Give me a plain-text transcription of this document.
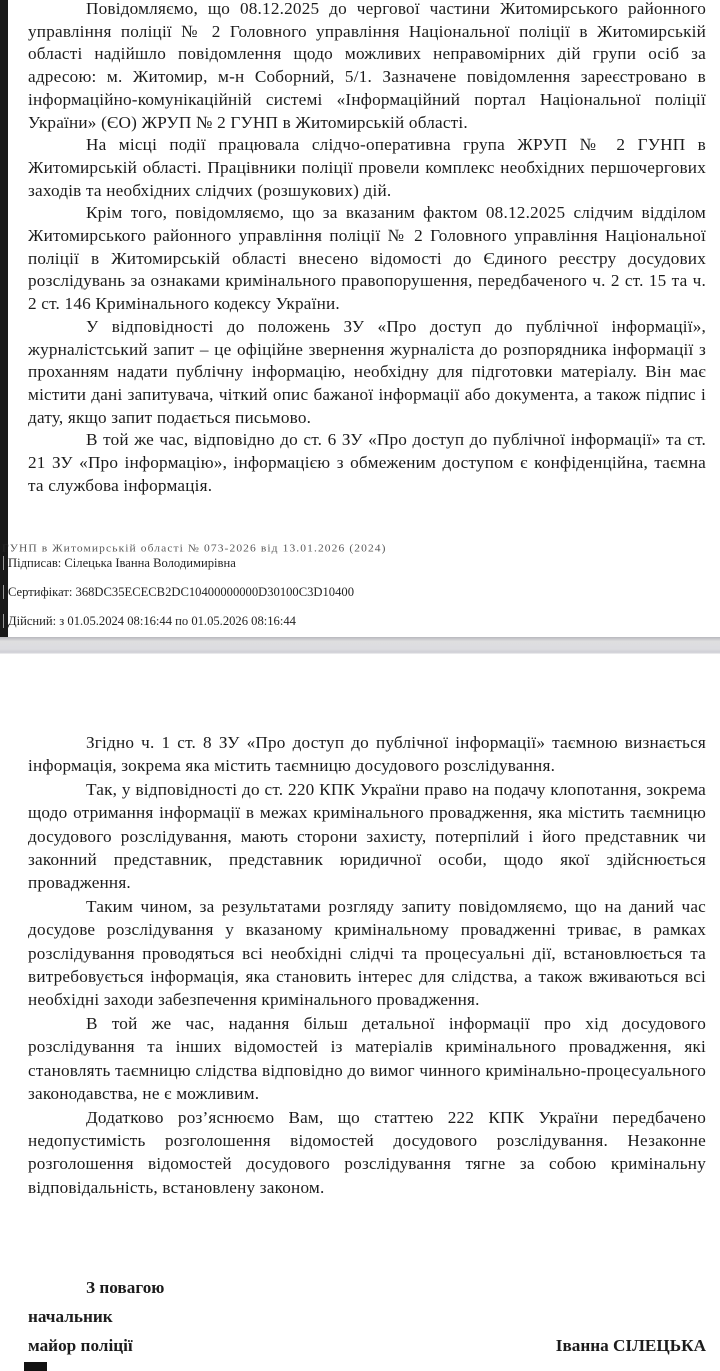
Повідомляємо, що 08.12.2025 до чергової частини Житомирського районного управління поліції № 2 Головного управління Національної поліції в Житомирській області надійшло повідомлення щодо можливих неправомірних дій групи осіб за адресою: м. Житомир, м-н Соборний, 5/1. Зазначене повідомлення зареєстровано в інформаційно-комунікаційній системі «Інформаційний портал Національної поліції України» (ЄО) ЖРУП № 2 ГУНП в Житомирській області.

На місці події працювала слідчо-оперативна група ЖРУП № 2 ГУНП в Житомирській області. Працівники поліції провели комплекс необхідних першочергових заходів та необхідних слідчих (розшукових) дій.

Крім того, повідомляємо, що за вказаним фактом 08.12.2025 слідчим відділом Житомирського районного управління поліції № 2 Головного управління Національної поліції в Житомирській області внесено відомості до Єдиного реєстру досудових розслідувань за ознаками кримінального правопорушення, передбаченого ч. 2 ст. 15 та ч. 2 ст. 146 Кримінального кодексу України.

У відповідності до положень ЗУ «Про доступ до публічної інформації», журналістський запит – це офіційне звернення журналіста до розпорядника інформації з проханням надати публічну інформацію, необхідну для підготовки матеріалу. Він має містити дані запитувача, чіткий опис бажаної інформації або документа, а також підпис і дату, якщо запит подається письмово.

В той же час, відповідно до ст. 6 ЗУ «Про доступ до публічної інформації» та ст. 21 ЗУ «Про інформацію», інформацією з обмеженим доступом є конфіденційна, таємна та службова інформація.

ГУНП в Житомирській області № 073-2026 від 13.01.2026 (2024)

Підписав: Сілецька Іванна Володимирівна

Сертифікат: 368DC35ECECB2DC10400000000D30100C3D10400

Дійсний: з 01.05.2024 08:16:44 по 01.05.2026 08:16:44

Згідно ч. 1 ст. 8 ЗУ «Про доступ до публічної інформації» таємною визнається інформація, зокрема яка містить таємницю досудового розслідування.

Так, у відповідності до ст. 220 КПК України право на подачу клопотання, зокрема щодо отримання інформації в межах кримінального провадження, яка містить таємницю досудового розслідування, мають сторони захисту, потерпілий і його представник чи законний представник, представник юридичної особи, щодо якої здійснюється провадження.

Таким чином, за результатами розгляду запиту повідомляємо, що на даний час досудове розслідування у вказаному кримінальному провадженні триває, в рамках розслідування проводяться всі необхідні слідчі та процесуальні дії, встановлюється та витребовується інформація, яка становить інтерес для слідства, а також вживаються всі необхідні заходи забезпечення кримінального провадження.

В той же час, надання більш детальної інформації про хід досудового розслідування та інших відомостей із матеріалів кримінального провадження, які становлять таємницю слідства відповідно до вимог чинного кримінально-процесуального законодавства, не є можливим.

Додатково роз’яснюємо Вам, що статтею 222 КПК України передбачено недопустимість розголошення відомостей досудового розслідування. Незаконне розголошення відомостей досудового розслідування тягне за собою кримінальну відповідальність, встановлену законом.

З повагою

начальник

майор поліції	Іванна СІЛЕЦЬКА
